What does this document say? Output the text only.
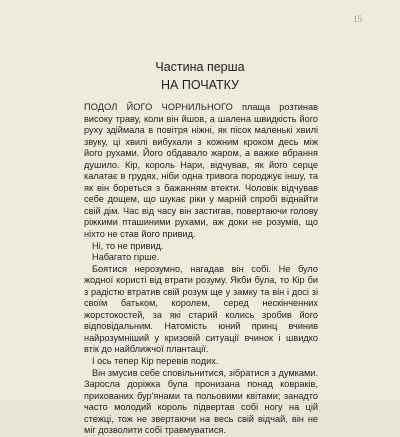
15
Частина перша
НА ПОЧАТКУ

ПОДОЛ ЙОГО ЧОРНИЛЬНОГО плаща розтинав високу траву, коли він йшов, а шалена швидкість його руху здіймала в повітря ніжні, як пісок маленькі хвилі звуку, ці хвилі вибухали з кожним кроком десь між його рухами. Його обдавало жаром, а важке вбрання душило. Кір, король Нари, відчував, як його серце калатає в грудях, ніби одна тривога породжує іншу, та як він бореться з бажанням втекти. Чоловік відчував себе дощем, що шукає ріки у марній спробі віднайти свій дім. Час від часу він застигав, повертаючи голову ріжкими пташиними рухами, аж доки не розумів, що ніхто не став його привид.

Ні, то не привид.

Набагато гірше.

Боятися нерозумно, нагадав він собі. Не було жодної користі від втрати розуму. Якби була, то Кір би з радістю втратив свій розум ще у замку та він і досі зі своїм батьком, королем, серед нескінченних жорстокостей, за які старий колись зробив його відповідальним. Натомість юний принц вчинив найрозумніший у кризовій ситуації вчинок і швидко втік до найближчої плантації.

І ось тепер Кір перевів подих.

Він змусив себе сповільнитися, зібратися з думками. Заросла доріжка була пронизана понад ковраків, прихованих бур'янами та польовими квітами; занадто часто молодий король підвертав собі ногу на цій стежці, тож не звертаючи на весь свій відчай, він не міг дозволити собі травмуватися.
